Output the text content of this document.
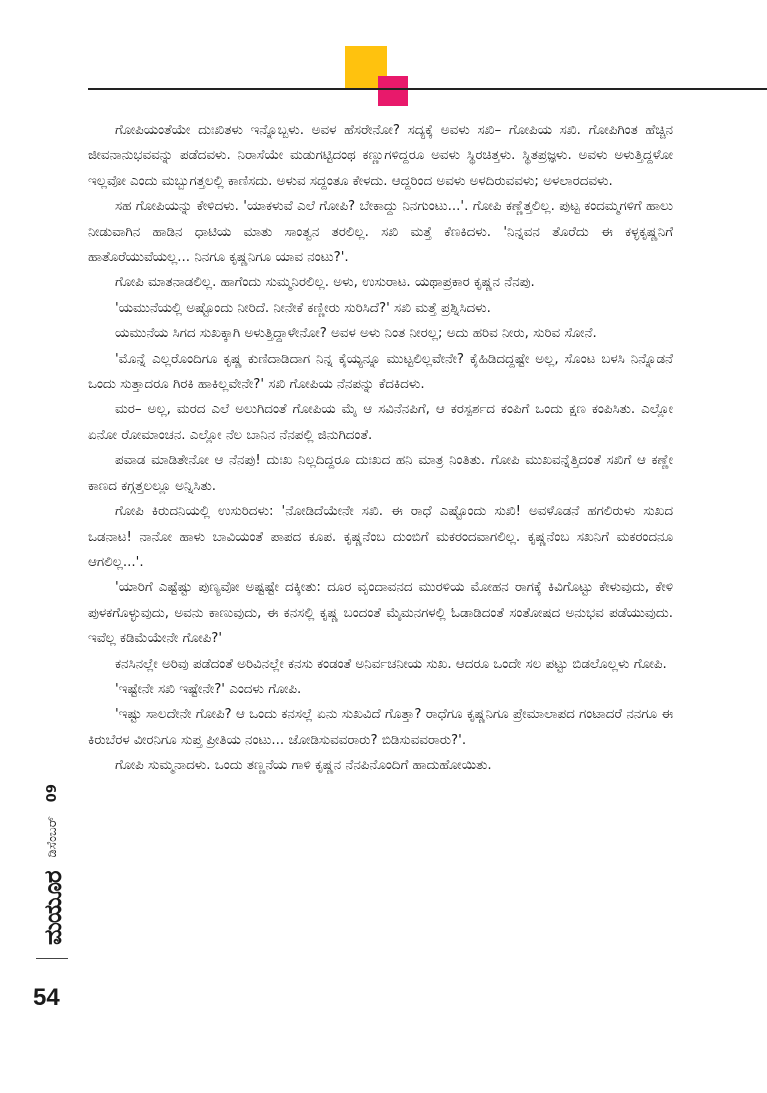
ಗೋಪಿಯಂತೆಯೇ ದುಃಖಿತಳು ಇನ್ನೊಬ್ಬಳು. ಅವಳ ಹೆಸರೇನೋ? ಸದ್ಯಕ್ಕೆ ಅವಳು ಸಖಿ– ಗೋಪಿಯ ಸಖಿ. ಗೋಪಿಗಿಂತ ಹೆಚ್ಚಿನ ಜೀವನಾನುಭವವನ್ನು ಪಡೆದವಳು. ನಿರಾಸೆಯೇ ಮಡುಗಟ್ಟಿದಂಥ ಕಣ್ಣುಗಳಿದ್ದರೂ ಅವಳು ಸ್ಥಿರಚಿತ್ತಳು. ಸ್ಥಿತಪ್ರಜ್ಞಳು. ಅವಳು ಅಳುತ್ತಿದ್ದಳೋ ಇಲ್ಲವೋ ಎಂದು ಮಬ್ಬುಗತ್ತಲಲ್ಲಿ ಕಾಣಿಸದು. ಅಳುವ ಸದ್ದಂತೂ ಕೇಳದು. ಆದ್ದರಿಂದ ಅವಳು ಅಳದಿರುವವಳು; ಅಳಲಾರದವಳು.

ಸಹ ಗೋಪಿಯನ್ನು ಕೇಳಿದಳು. 'ಯಾಕಳುವೆ ಎಲೆ ಗೋಪಿ? ಬೇಕಾದ್ದು ನಿನಗುಂಟು...'. ಗೋಪಿ ಕಣ್ಣೆತ್ತಲಿಲ್ಲ. ಪುಟ್ಟ ಕಂದಮ್ಮಗಳಿಗೆ ಹಾಲು ನೀಡುವಾಗಿನ ಹಾಡಿನ ಧಾಟಿಯ ಮಾತು ಸಾಂತ್ವನ ತರಲಿಲ್ಲ. ಸಖಿ ಮತ್ತೆ ಕೆಣಕಿದಳು. 'ನಿನ್ನವನ ತೊರೆದು ಈ ಕಳ್ಳಕೃಷ್ಣನಿಗೆ ಹಾತೊರೆಯುವೆಯಲ್ಲ... ನಿನಗೂ ಕೃಷ್ಣನಿಗೂ ಯಾವ ನಂಟು?'.

ಗೋಪಿ ಮಾತನಾಡಲಿಲ್ಲ. ಹಾಗೆಂದು ಸುಮ್ಮನಿರಲಿಲ್ಲ. ಅಳು, ಉಸುರಾಟ. ಯಥಾಪ್ರಕಾರ ಕೃಷ್ಣನ ನೆನಪು.

'ಯಮುನೆಯಲ್ಲಿ ಅಷ್ಟೊಂದು ನೀರಿದೆ. ನೀನೇಕೆ ಕಣ್ಣೀರು ಸುರಿಸಿದೆ?' ಸಖಿ ಮತ್ತೆ ಪ್ರಶ್ನಿಸಿದಳು.

ಯಮುನೆಯ ಸಿಗದ ಸುಖಕ್ಕಾಗಿ ಅಳುತ್ತಿದ್ದಾಳೇನೋ? ಅವಳ ಅಳು ನಿಂತ ನೀರಲ್ಲ; ಅದು ಹರಿವ ನೀರು, ಸುರಿವ ಸೋನೆ.

'ಮೊನ್ನೆ ಎಲ್ಲರೊಂದಿಗೂ ಕೃಷ್ಣ ಕುಣಿದಾಡಿದಾಗ ನಿನ್ನ ಕೈಯ್ಯನ್ನೂ ಮುಟ್ಟಲಿಲ್ಲವೇನೇ? ಕೈಹಿಡಿದದ್ದಷ್ಟೇ ಅಲ್ಲ, ಸೊಂಟ ಬಳಸಿ ನಿನ್ನೊಡನೆ ಒಂದು ಸುತ್ತಾದರೂ ಗಿರಕಿ ಹಾಕಿಲ್ಲವೇನೇ?' ಸಖಿ ಗೋಪಿಯ ನೆನಪನ್ನು ಕೆದಕಿದಳು.

ಮರ– ಅಲ್ಲ, ಮರದ ಎಲೆ ಅಲುಗಿದಂತೆ ಗೋಪಿಯ ಮೈ ಆ ಸವಿನೆನಪಿಗೆ, ಆ ಕರಸ್ಪರ್ಶದ ಕಂಪಿಗೆ ಒಂದು ಕ್ಷಣ ಕಂಪಿಸಿತು. ಎಲ್ಲೋ ಏನೋ ರೋಮಾಂಚನ. ಎಲ್ಲೋ ನೆಲ ಬಾನಿನ ನೆನಪಲ್ಲಿ ಜಿನುಗಿದಂತೆ.

ಪವಾಡ ಮಾಡಿತೇನೋ ಆ ನೆನಪು! ದುಃಖ ನಿಲ್ಲದಿದ್ದರೂ ದುಃಖದ ಹನಿ ಮಾತ್ರ ನಿಂತಿತು. ಗೋಪಿ ಮುಖವನ್ನೆತ್ತಿದಂತೆ ಸಖಿಗೆ ಆ ಕಣ್ಣೇ ಕಾಣದ ಕಗ್ಗತ್ತಲಲ್ಲೂ ಅನ್ನಿಸಿತು.

ಗೋಪಿ ಕಿರುದನಿಯಲ್ಲಿ ಉಸುರಿದಳು: 'ನೋಡಿದೆಯೇನೇ ಸಖಿ. ಈ ರಾಧೆ ಎಷ್ಟೊಂದು ಸುಖಿ! ಅವಳೊಡನೆ ಹಗಲಿರುಳು ಸುಖದ ಒಡನಾಟ! ನಾನೋ ಹಾಳು ಬಾವಿಯಂತೆ ಪಾಪದ ಕೂಪ. ಕೃಷ್ಣನೆಂಬ ದುಂಬಿಗೆ ಮಕರಂದವಾಗಲಿಲ್ಲ. ಕೃಷ್ಣನೆಂಬ ಸಖನಿಗೆ ಮಕರಂದನೂ ಆಗಲಿಲ್ಲ...'.

'ಯಾರಿಗೆ ಎಷ್ಟೆಷ್ಟು ಪುಣ್ಯವೋ ಅಷ್ಟಷ್ಟೇ ದಕ್ಕೀತು: ದೂರ ವೃಂದಾವನದ ಮುರಳಿಯ ಮೋಹನ ರಾಗಕ್ಕೆ ಕಿವಿಗೊಟ್ಟು ಕೇಳುವುದು, ಕೇಳಿ ಪುಳಕಗೊಳ್ಳುವುದು, ಅವನು ಕಾಣುವುದು, ಈ ಕನಸಲ್ಲಿ ಕೃಷ್ಣ ಬಂದಂತೆ ಮೈಮನಗಳಲ್ಲಿ ಓಡಾಡಿದಂತೆ ಸಂತೋಷದ ಅನುಭವ ಪಡೆಯುವುದು. ಇವೆಲ್ಲ ಕಡಿಮೆಯೇನೇ ಗೋಪಿ?'

ಕನಸಿನಲ್ಲೇ ಅರಿವು ಪಡೆದಂತೆ ಅರಿವಿನಲ್ಲೇ ಕನಸು ಕಂಡಂತೆ ಅನಿರ್ವಚನೀಯ ಸುಖ. ಆದರೂ ಒಂದೇ ಸಲ ಪಟ್ಟು ಬಿಡಲೊಲ್ಲಳು ಗೋಪಿ.

'ಇಷ್ಟೇನೇ ಸಖಿ ಇಷ್ಟೇನೇ?' ಎಂದಳು ಗೋಪಿ.

'ಇಷ್ಟು ಸಾಲದೇನೇ ಗೋಪಿ? ಆ ಒಂದು ಕನಸಲ್ಲೆ ಏನು ಸುಖವಿದೆ ಗೊತ್ತಾ? ರಾಧೆಗೂ ಕೃಷ್ಣನಿಗೂ ಪ್ರೇಮಾಲಾಪದ ಗಂಟಾದರೆ ನನಗೂ ಈ ಕಿರುಬೆರಳ ವೀರನಿಗೂ ಸುಪ್ತ ಪ್ರೀತಿಯ ನಂಟು... ಜೋಡಿಸುವವರಾರು? ಬಿಡಿಸುವವರಾರು?'.

ಗೋಪಿ ಸುಮ್ಮನಾದಳು. ಒಂದು ತಣ್ಣನೆಯ ಗಾಳಿ ಕೃಷ್ಣನ ನೆನಪಿನೊಂದಿಗೆ ಹಾದುಹೋಯಿತು.

ಮಯೂರ
ಡಿಸೆಂಬರ್
09
54
